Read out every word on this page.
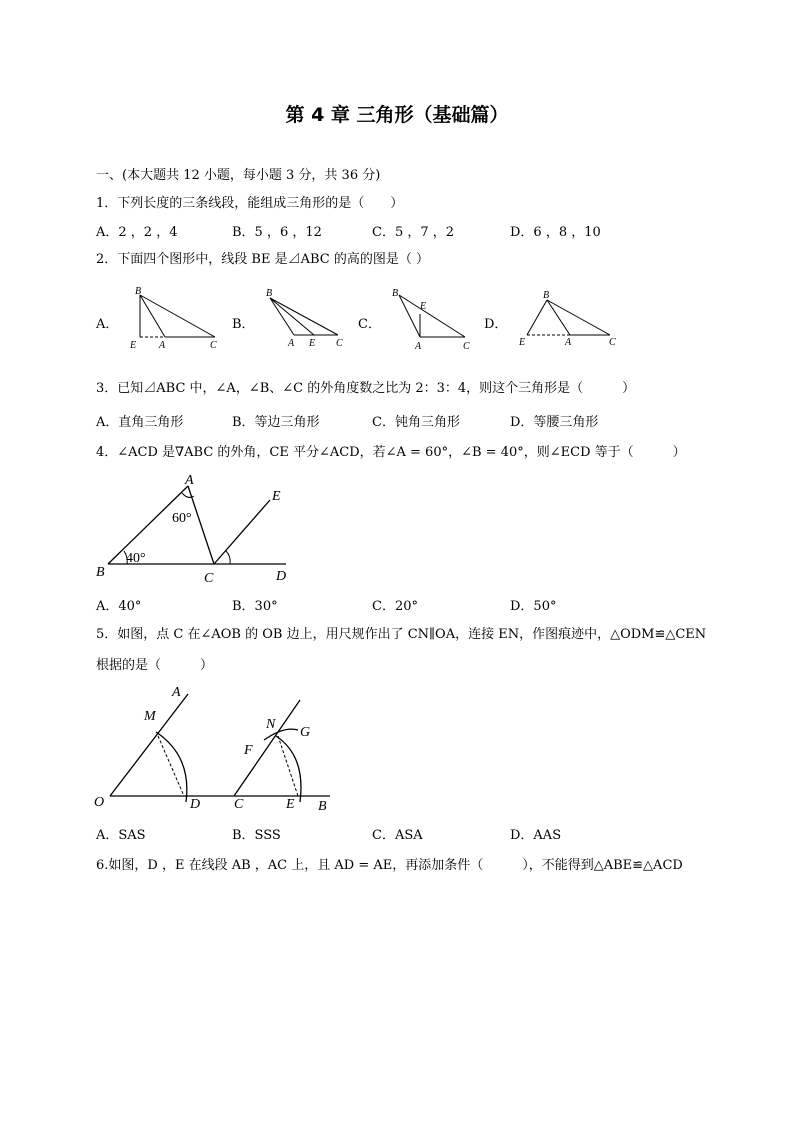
第 4 章 三角形（基础篇）
一、(本大题共 12 小题，每小题 3 分，共 36 分)
1．下列长度的三条线段，能组成三角形的是（　　）
A．2 ，2 ，4	B．5 ，6 ，12	C．5 ，7 ，2	D．6 ，8 ，10
2．下面四个图形中，线段 BE 是⊿ABC 的高的图是（ ）
A．	B．	C．	D．
B
E A	C
B
A E C
B
E
A	C
B
E	A	C
3．已知⊿ABC 中，∠A，∠B、∠C 的外角度数之比为 2：3：4，则这个三角形是（　　　）
A．直角三角形	B．等边三角形	C．钝角三角形	D．等腰三角形
4．∠ACD 是∇ABC 的外角，CE 平分∠ACD，若∠A = 60°，∠B = 40°，则∠ECD 等于（　　　）
A
60°
E
B
40°
C	D
A．40°	B．30°	C．20°	D．50°
5．如图，点 C 在∠AOB 的 OB 边上，用尺规作出了 CN∥OA，连接 EN，作图痕迹中，△ODM≌△CEN
根据的是（　　　）
A
M
O	D
N
G
F
C	E B
A．SAS	B．SSS	C．ASA	D．AAS
6.如图，D ，E 在线段 AB ，AC 上，且 AD = AE，再添加条件（　　　），不能得到△ABE≌△ACD
